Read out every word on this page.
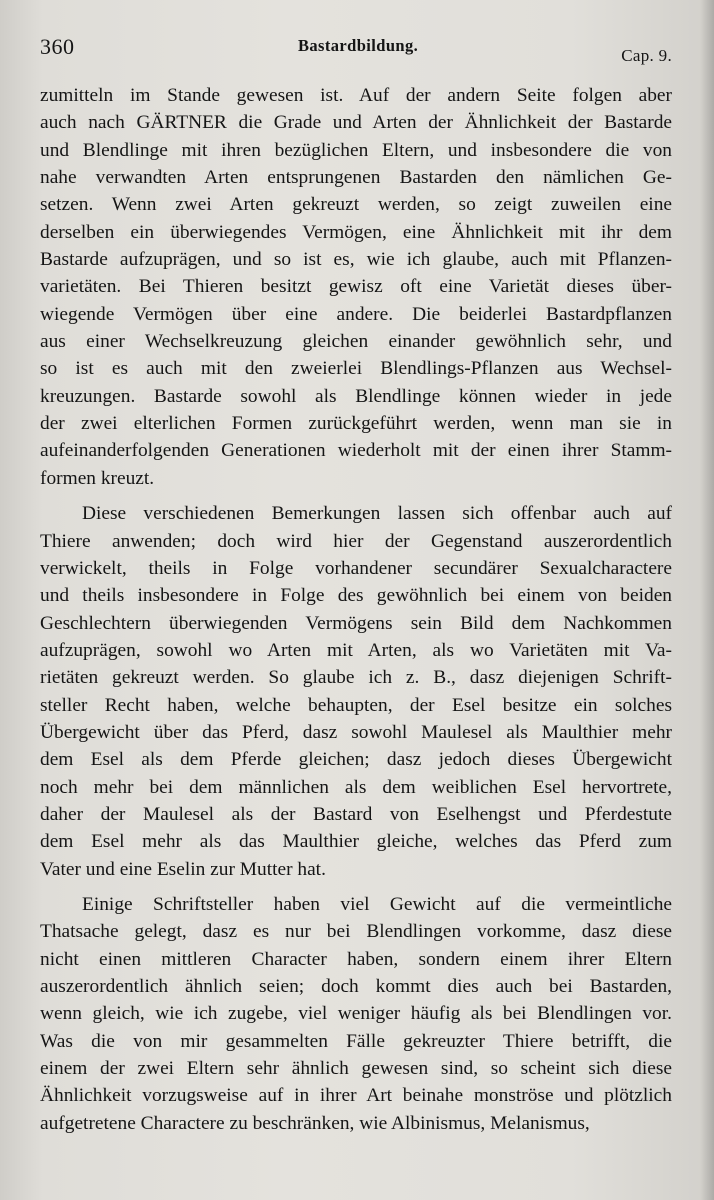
360	Bastardbildung.
Cap. 9.
zumitteln im Stande gewesen ist. Auf der andern Seite folgen aber
auch nach GÄRTNER die Grade und Arten der Ähnlichkeit der Bastarde
und Blendlinge mit ihren bezüglichen Eltern, und insbesondere die von
nahe verwandten Arten entsprungenen Bastarden den nämlichen Ge-
setzen. Wenn zwei Arten gekreuzt werden, so zeigt zuweilen eine
derselben ein überwiegendes Vermögen, eine Ähnlichkeit mit ihr dem
Bastarde aufzuprägen, und so ist es, wie ich glaube, auch mit Pflanzen-
varietäten. Bei Thieren besitzt gewisz oft eine Varietät dieses über-
wiegende Vermögen über eine andere. Die beiderlei Bastardpflanzen
aus einer Wechselkreuzung gleichen einander gewöhnlich sehr, und
so ist es auch mit den zweierlei Blendlings-Pflanzen aus Wechsel-
kreuzungen. Bastarde sowohl als Blendlinge können wieder in jede
der zwei elterlichen Formen zurückgeführt werden, wenn man sie in
aufeinanderfolgenden Generationen wiederholt mit der einen ihrer Stamm-
formen kreuzt.
Diese verschiedenen Bemerkungen lassen sich offenbar auch auf
Thiere anwenden; doch wird hier der Gegenstand auszerordentlich
verwickelt, theils in Folge vorhandener secundärer Sexualcharactere
und theils insbesondere in Folge des gewöhnlich bei einem von beiden
Geschlechtern überwiegenden Vermögens sein Bild dem Nachkommen
aufzuprägen, sowohl wo Arten mit Arten, als wo Varietäten mit Va-
rietäten gekreuzt werden. So glaube ich z. B., dasz diejenigen Schrift-
steller Recht haben, welche behaupten, der Esel besitze ein solches
Übergewicht über das Pferd, dasz sowohl Maulesel als Maulthier mehr
dem Esel als dem Pferde gleichen; dasz jedoch dieses Übergewicht
noch mehr bei dem männlichen als dem weiblichen Esel hervortrete,
daher der Maulesel als der Bastard von Eselhengst und Pferdestute
dem Esel mehr als das Maulthier gleiche, welches das Pferd zum
Vater und eine Eselin zur Mutter hat.
Einige Schriftsteller haben viel Gewicht auf die vermeintliche
Thatsache gelegt, dasz es nur bei Blendlingen vorkomme, dasz diese
nicht einen mittleren Character haben, sondern einem ihrer Eltern
auszerordentlich ähnlich seien; doch kommt dies auch bei Bastarden,
wenn gleich, wie ich zugebe, viel weniger häufig als bei Blendlingen vor.
Was die von mir gesammelten Fälle gekreuzter Thiere betrifft, die
einem der zwei Eltern sehr ähnlich gewesen sind, so scheint sich diese
Ähnlichkeit vorzugsweise auf in ihrer Art beinahe monströse und plötzlich
aufgetretene Charactere zu beschränken, wie Albinismus, Melanismus,
